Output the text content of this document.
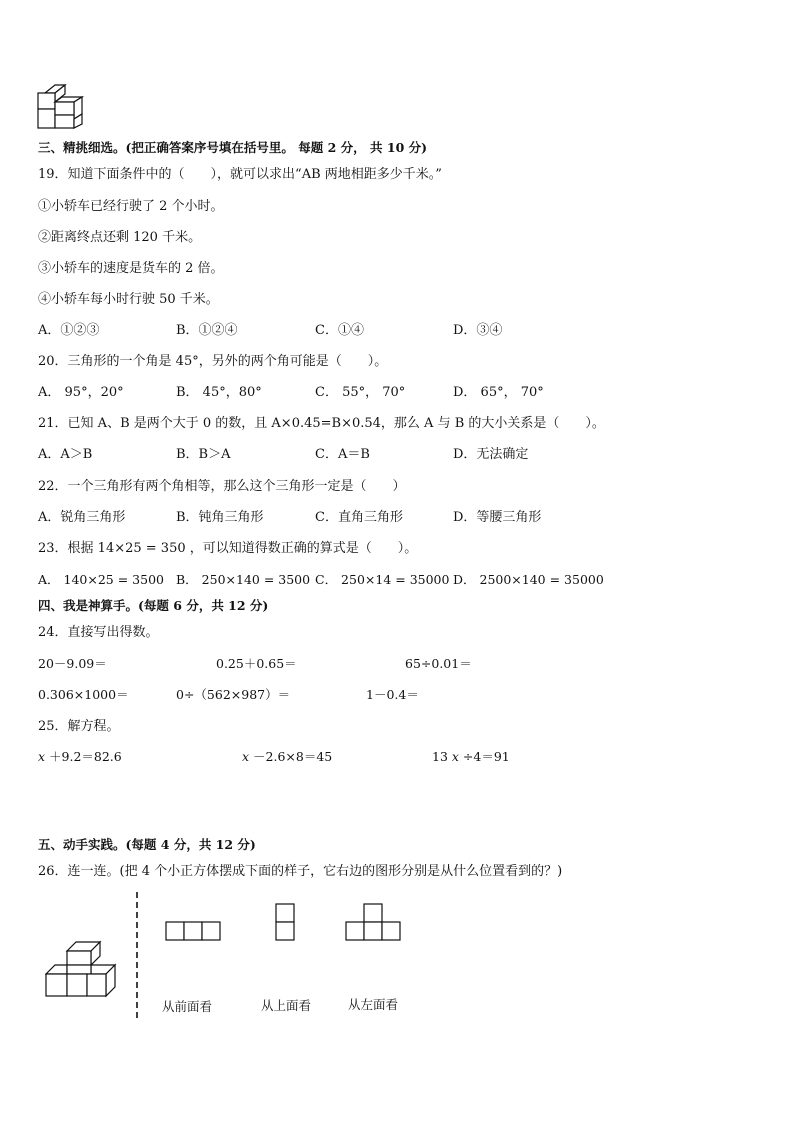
三、精挑细选。(把正确答案序号填在括号里。 每题 2 分， 共 10 分)
19．知道下面条件中的（　　），就可以求出“AB 两地相距多少千米。”
①小轿车已经行驶了 2 个小时。
②距离终点还剩 120 千米。
③小轿车的速度是货车的 2 倍。
④小轿车每小时行驶 50 千米。
A．①②③	B．①②④	C．①④	D．③④
20．三角形的一个角是 45°，另外的两个角可能是（　　）。
A． 95°，20°	B． 45°，80°	C． 55°， 70°	D． 65°， 70°
21．已知 A、B 是两个大于 0 的数，且 A×0.45=B×0.54，那么 A 与 B 的大小关系是（　　）。
A．A＞B	B．B＞A	C．A＝B	D．无法确定
22．一个三角形有两个角相等，那么这个三角形一定是（　　）
A．锐角三角形	B．钝角三角形	C．直角三角形	D．等腰三角形
23．根据 14×25 = 350 ，可以知道得数正确的算式是（　　）。
A． 140×25 = 3500 B． 250×140 = 3500 C． 250×14 = 35000 D． 2500×140 = 35000
四、我是神算手。(每题 6 分，共 12 分)
24．直接写出得数。
20－9.09＝	0.25＋0.65＝	65÷0.01＝
0.306×1000＝	0÷（562×987）＝	1－0.4＝
25．解方程。
𝑥 ＋9.2＝82.6	𝑥 －2.6×8＝45	13 𝑥 ÷4＝91
五、动手实践。(每题 4 分，共 12 分)
26．连一连。(把 4 个小正方体摆成下面的样子，它右边的图形分别是从什么位置看到的？)
从前面看	从上面看	从左面看
